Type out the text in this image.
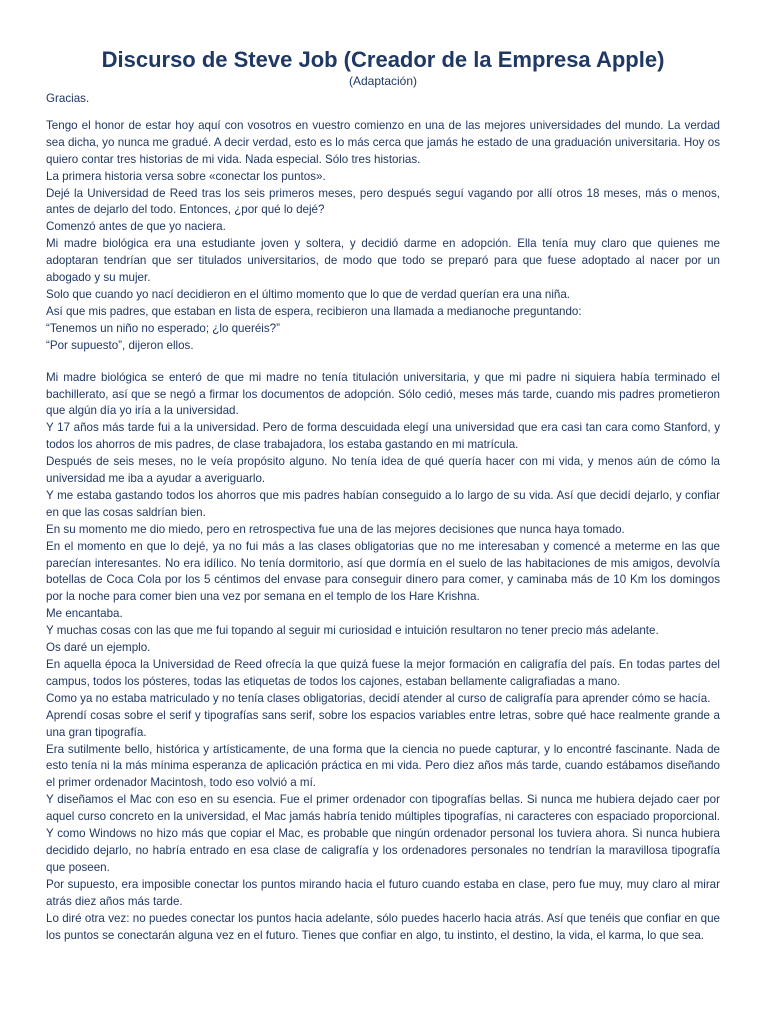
Discurso de Steve Job (Creador de la Empresa Apple)
(Adaptación)

Gracias.

Tengo el honor de estar hoy aquí con vosotros en vuestro comienzo en una de las mejores universidades del mundo. La verdad sea dicha, yo nunca me gradué. A decir verdad, esto es lo más cerca que jamás he estado de una graduación universitaria. Hoy os quiero contar tres historias de mi vida. Nada especial. Sólo tres historias.

La primera historia versa sobre «conectar los puntos».

Dejé la Universidad de Reed tras los seis primeros meses, pero después seguí vagando por allí otros 18 meses, más o menos, antes de dejarlo del todo. Entonces, ¿por qué lo dejé?

Comenzó antes de que yo naciera.

Mi madre biológica era una estudiante joven y soltera, y decidió darme en adopción. Ella tenía muy claro que quienes me adoptaran tendrían que ser titulados universitarios, de modo que todo se preparó para que fuese adoptado al nacer por un abogado y su mujer.

Solo que cuando yo nací decidieron en el último momento que lo que de verdad querían era una niña.

Así que mis padres, que estaban en lista de espera, recibieron una llamada a medianoche preguntando:

“Tenemos un niño no esperado; ¿lo queréis?”

“Por supuesto”, dijeron ellos.

Mi madre biológica se enteró de que mi madre no tenía titulación universitaria, y que mi padre ni siquiera había terminado el bachillerato, así que se negó a firmar los documentos de adopción. Sólo cedió, meses más tarde, cuando mis padres prometieron que algún día yo iría a la universidad.

Y 17 años más tarde fui a la universidad. Pero de forma descuidada elegí una universidad que era casi tan cara como Stanford, y todos los ahorros de mis padres, de clase trabajadora, los estaba gastando en mi matrícula.

Después de seis meses, no le veía propósito alguno. No tenía idea de qué quería hacer con mi vida, y menos aún de cómo la universidad me iba a ayudar a averiguarlo.

Y me estaba gastando todos los ahorros que mis padres habían conseguido a lo largo de su vida. Así que decidí dejarlo, y confiar en que las cosas saldrían bien.

En su momento me dio miedo, pero en retrospectiva fue una de las mejores decisiones que nunca haya tomado.

En el momento en que lo dejé, ya no fui más a las clases obligatorias que no me interesaban y comencé a meterme en las que parecían interesantes. No era idílico. No tenía dormitorio, así que dormía en el suelo de las habitaciones de mis amigos, devolvía botellas de Coca Cola por los 5 céntimos del envase para conseguir dinero para comer, y caminaba más de 10 Km los domingos por la noche para comer bien una vez por semana en el templo de los Hare Krishna.

Me encantaba.

Y muchas cosas con las que me fui topando al seguir mi curiosidad e intuición resultaron no tener precio más adelante.

Os daré un ejemplo.

En aquella época la Universidad de Reed ofrecía la que quizá fuese la mejor formación en caligrafía del país. En todas partes del campus, todos los pósteres, todas las etiquetas de todos los cajones, estaban bellamente caligrafiadas a mano.

Como ya no estaba matriculado y no tenía clases obligatorias, decidí atender al curso de caligrafía para aprender cómo se hacía.

Aprendí cosas sobre el serif y tipografías sans serif, sobre los espacios variables entre letras, sobre qué hace realmente grande a una gran tipografía.

Era sutilmente bello, histórica y artísticamente, de una forma que la ciencia no puede capturar, y lo encontré fascinante. Nada de esto tenía ni la más mínima esperanza de aplicación práctica en mi vida. Pero diez años más tarde, cuando estábamos diseñando el primer ordenador Macintosh, todo eso volvió a mí.

Y diseñamos el Mac con eso en su esencia. Fue el primer ordenador con tipografías bellas. Si nunca me hubiera dejado caer por aquel curso concreto en la universidad, el Mac jamás habría tenido múltiples tipografías, ni caracteres con espaciado proporcional. Y como Windows no hizo más que copiar el Mac, es probable que ningún ordenador personal los tuviera ahora. Si nunca hubiera decidido dejarlo, no habría entrado en esa clase de caligrafía y los ordenadores personales no tendrían la maravillosa tipografía que poseen.

Por supuesto, era imposible conectar los puntos mirando hacia el futuro cuando estaba en clase, pero fue muy, muy claro al mirar atrás diez años más tarde.

Lo diré otra vez: no puedes conectar los puntos hacia adelante, sólo puedes hacerlo hacia atrás. Así que tenéis que confiar en que los puntos se conectarán alguna vez en el futuro. Tienes que confiar en algo, tu instinto, el destino, la vida, el karma, lo que sea.
